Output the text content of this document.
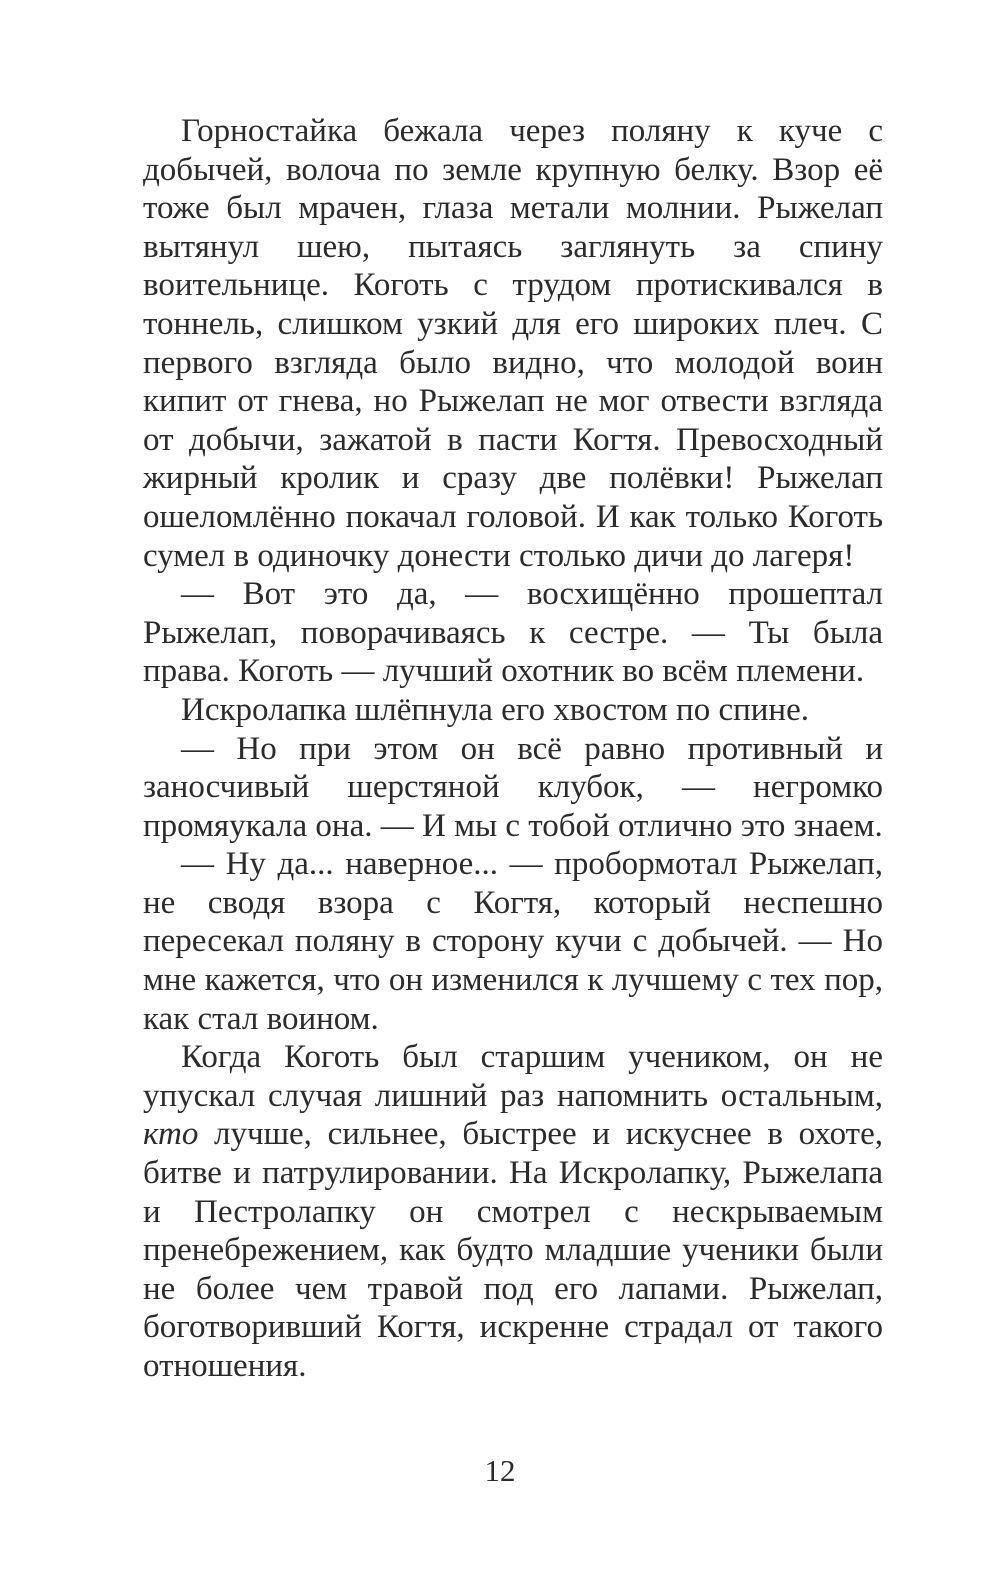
Горностайка бежала через поляну к куче с добычей, волоча по земле крупную белку. Взор её тоже был мрачен, глаза метали молнии. Рыжелап вытянул шею, пытаясь заглянуть за спину воительнице. Коготь с трудом протискивался в тоннель, слишком узкий для его широких плеч. С первого взгляда было видно, что молодой воин кипит от гнева, но Рыжелап не мог отвести взгляда от добычи, зажатой в пасти Когтя. Превосходный жирный кролик и сразу две полёвки! Рыжелап ошеломлённо покачал головой. И как только Коготь сумел в одиночку донести столько дичи до лагеря!

— Вот это да, — восхищённо прошептал Рыжелап, поворачиваясь к сестре. — Ты была права. Коготь — лучший охотник во всём племени.

Искролапка шлёпнула его хвостом по спине.

— Но при этом он всё равно противный и заносчивый шерстяной клубок, — негромко промяукала она. — И мы с тобой отлично это знаем.

— Ну да... наверное... — пробормотал Рыжелап, не сводя взора с Когтя, который неспешно пересекал поляну в сторону кучи с добычей. — Но мне кажется, что он изменился к лучшему с тех пор, как стал воином.

Когда Коготь был старшим учеником, он не упускал случая лишний раз напомнить остальным, кто лучше, сильнее, быстрее и искуснее в охоте, битве и патрулировании. На Искролапку, Рыжелапа и Пестролапку он смотрел с нескрываемым пренебрежением, как будто младшие ученики были не более чем травой под его лапами. Рыжелап, боготворивший Когтя, искренне страдал от такого отношения.

12
